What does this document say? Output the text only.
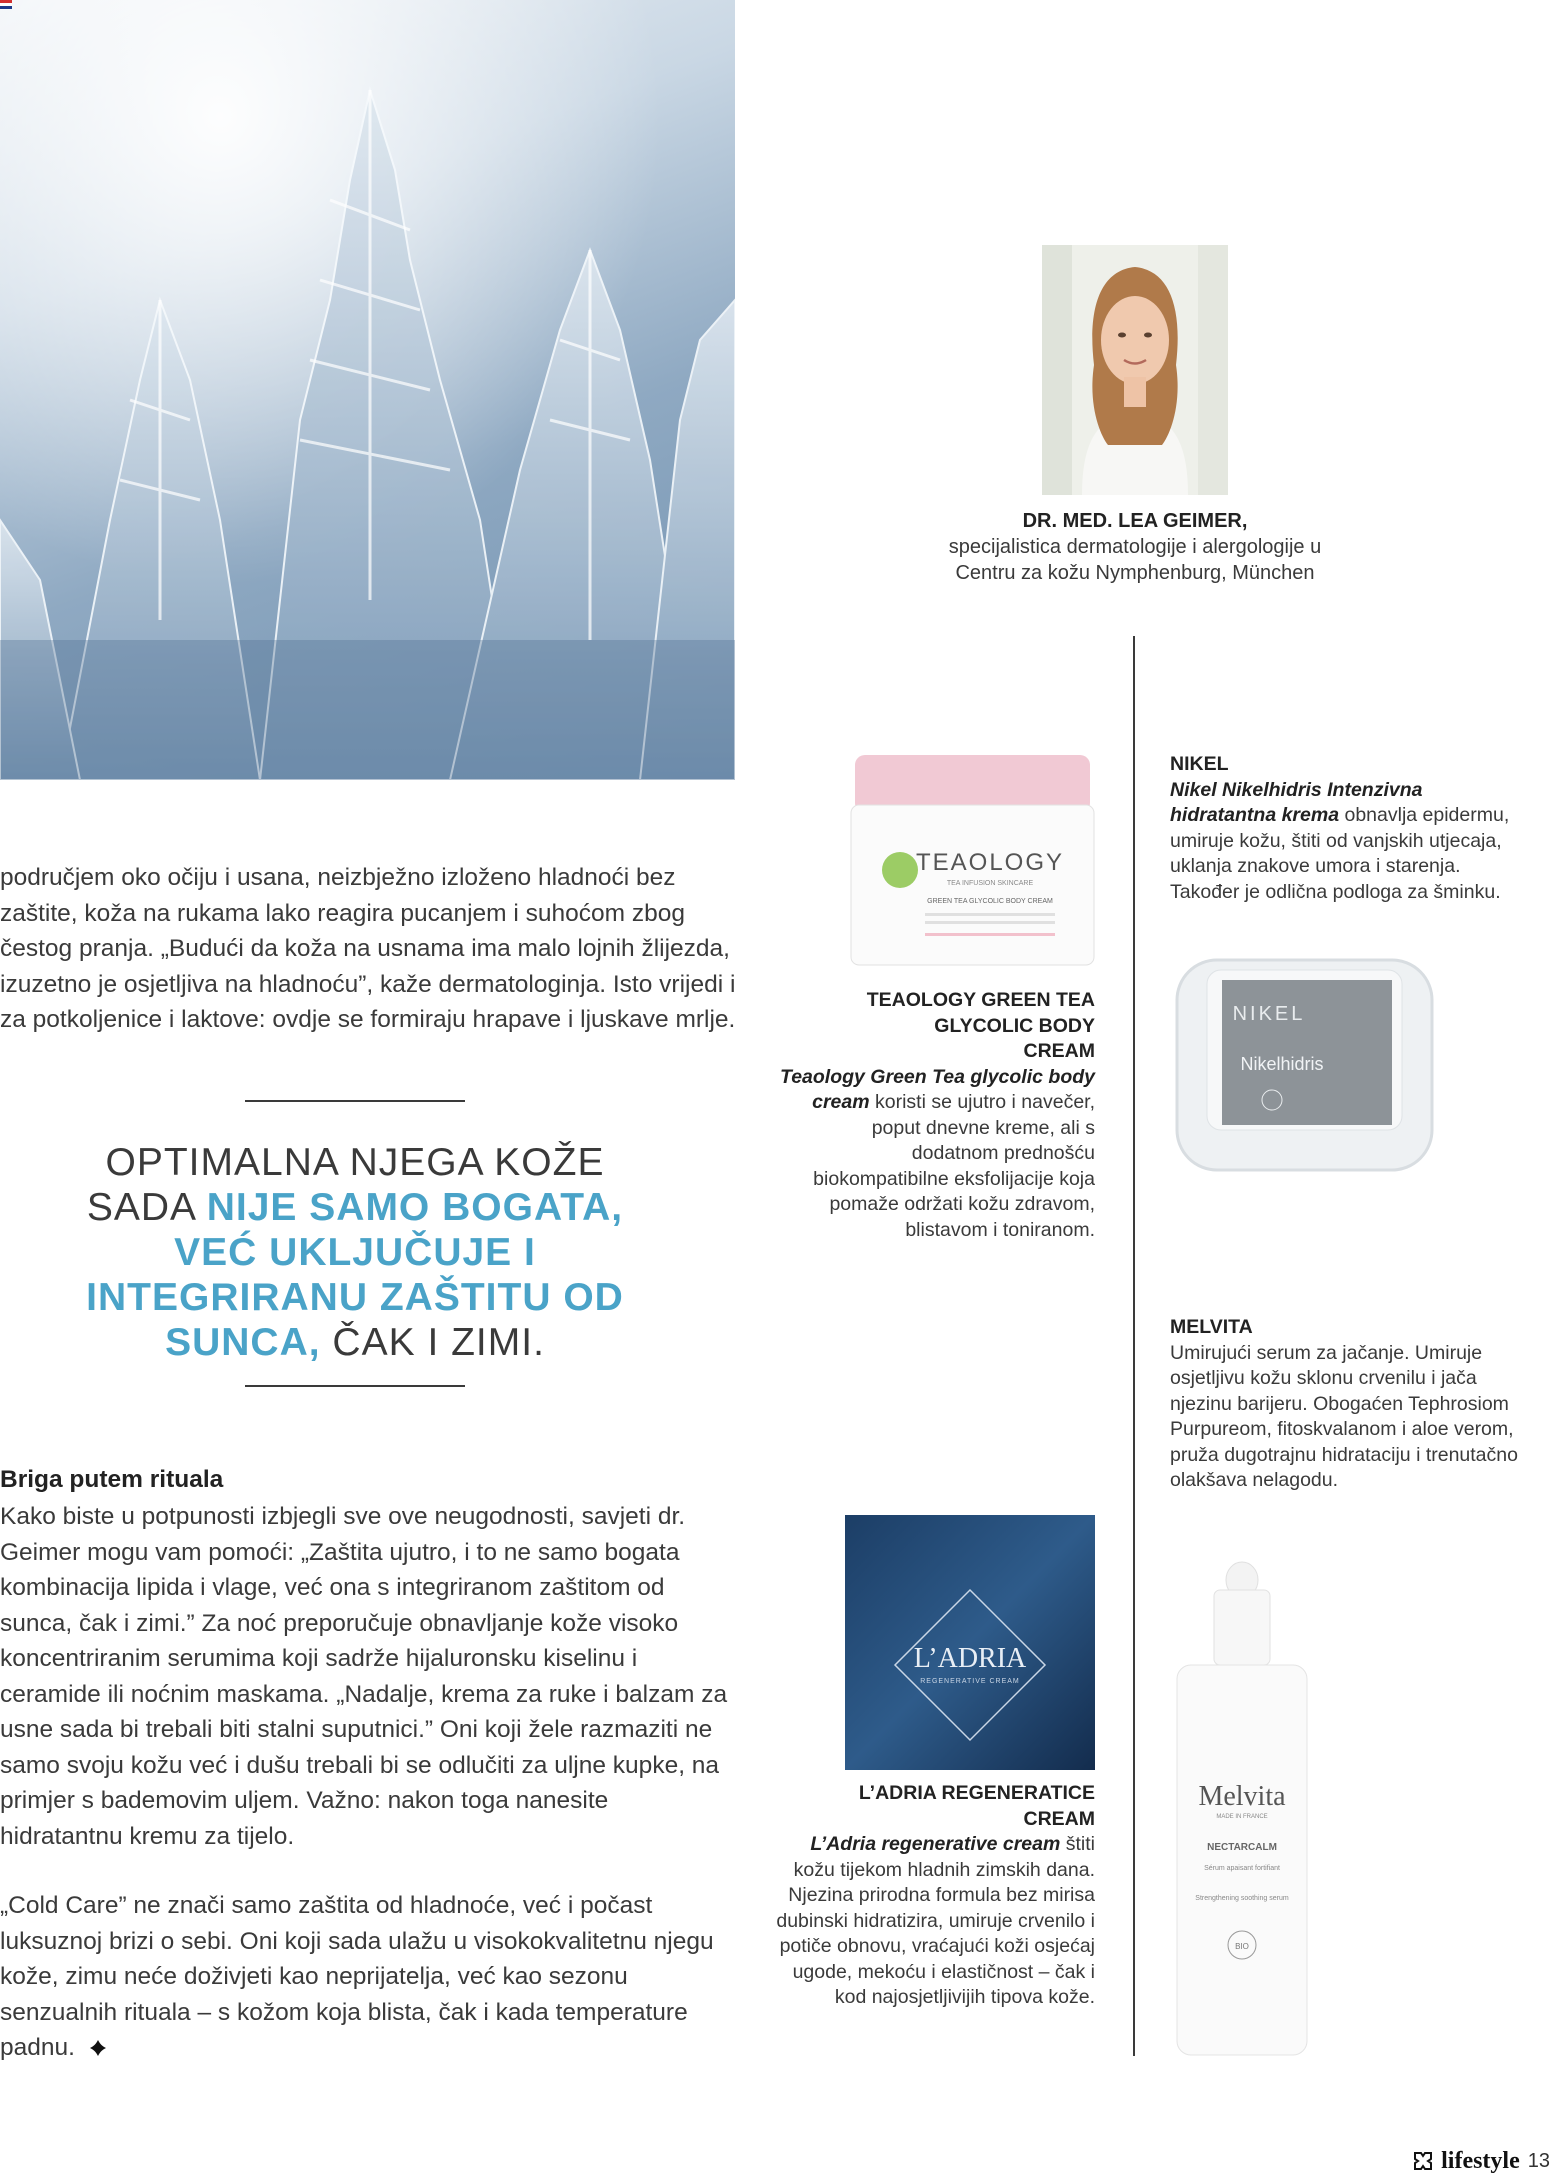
područjem oko očiju i usana, neizbježno izloženo hladnoći bez zaštite, koža na rukama lako reagira pucanjem i suhoćom zbog čestog pranja. „Budući da koža na usnama ima malo lojnih žlijezda, izuzetno je osjetljiva na hladnoću”, kaže dermatologinja. Isto vrijedi i za potkoljenice i laktove: ovdje se formiraju hrapave i ljuskave mrlje.

OPTIMALNA NJEGA KOŽE SADA NIJE SAMO BOGATA, VEĆ UKLJUČUJE I INTEGRIRANU ZAŠTITU OD SUNCA, ČAK I ZIMI.
Briga putem rituala

Kako biste u potpunosti izbjegli sve ove neugodnosti, savjeti dr. Geimer mogu vam pomoći: „Zaštita ujutro, i to ne samo bogata kombinacija lipida i vlage, već ona s integriranom zaštitom od sunca, čak i zimi.” Za noć preporučuje obnavljanje kože visoko koncentriranim serumima koji sadrže hijaluronsku kiselinu i ceramide ili noćnim maskama. „Nadalje, krema za ruke i balzam za usne sada bi trebali biti stalni suputnici.” Oni koji žele razmaziti ne samo svoju kožu već i dušu trebali bi se odlučiti za uljne kupke, na primjer s bademovim uljem. Važno: nakon toga nanesite hidratantnu kremu za tijelo.

„Cold Care” ne znači samo zaštita od hladnoće, već i počast luksuznoj brizi o sebi. Oni koji sada ulažu u visokokvalitetnu njegu kože, zimu neće doživjeti kao neprijatelja, već kao sezonu senzualnih rituala – s kožom koja blista, čak i kada temperature padnu.

DR. MED. LEA GEIMER,
specijalistica dermatologije i alergologije u Centru za kožu Nymphenburg, München
TEAOLOGY
TEA INFUSION SKINCARE
GREEN TEA GLYCOLIC BODY CREAM
TEAOLOGY GREEN TEA GLYCOLIC BODY CREAM
Teaology Green Tea glycolic body cream koristi se ujutro i navečer, poput dnevne kreme, ali s dodatnom prednošću biokompatibilne eksfolijacije koja pomaže održati kožu zdravom, blistavom i toniranom.
L’ADRIA
REGENERATIVE CREAM
L’ADRIA REGENERATICE CREAM
L’Adria regenerative cream štiti kožu tijekom hladnih zimskih dana. Njezina prirodna formula bez mirisa dubinski hidratizira, umiruje crvenilo i potiče obnovu, vraćajući koži osjećaj ugode, mekoću i elastičnost – čak i kod najosjetljivijih tipova kože.
NIKEL
Nikel Nikelhidris Intenzivna hidratantna krema obnavlja epidermu, umiruje kožu, štiti od vanjskih utjecaja, uklanja znakove umora i starenja. Također je odlična podloga za šminku.
NIKEL
Nikelhidris
MELVITA
Umirujući serum za jačanje. Umiruje osjetljivu kožu sklonu crvenilu i jača njezinu barijeru. Obogaćen Tephrosiom Purpureom, fitoskvalanom i aloe verom, pruža dugotrajnu hidrataciju i trenutačno olakšava nelagodu.
Melvita
MADE IN FRANCE
NECTARCALM
Sérum apaisant fortifiant
Strengthening soothing serum
BIO
lifestyle 13
